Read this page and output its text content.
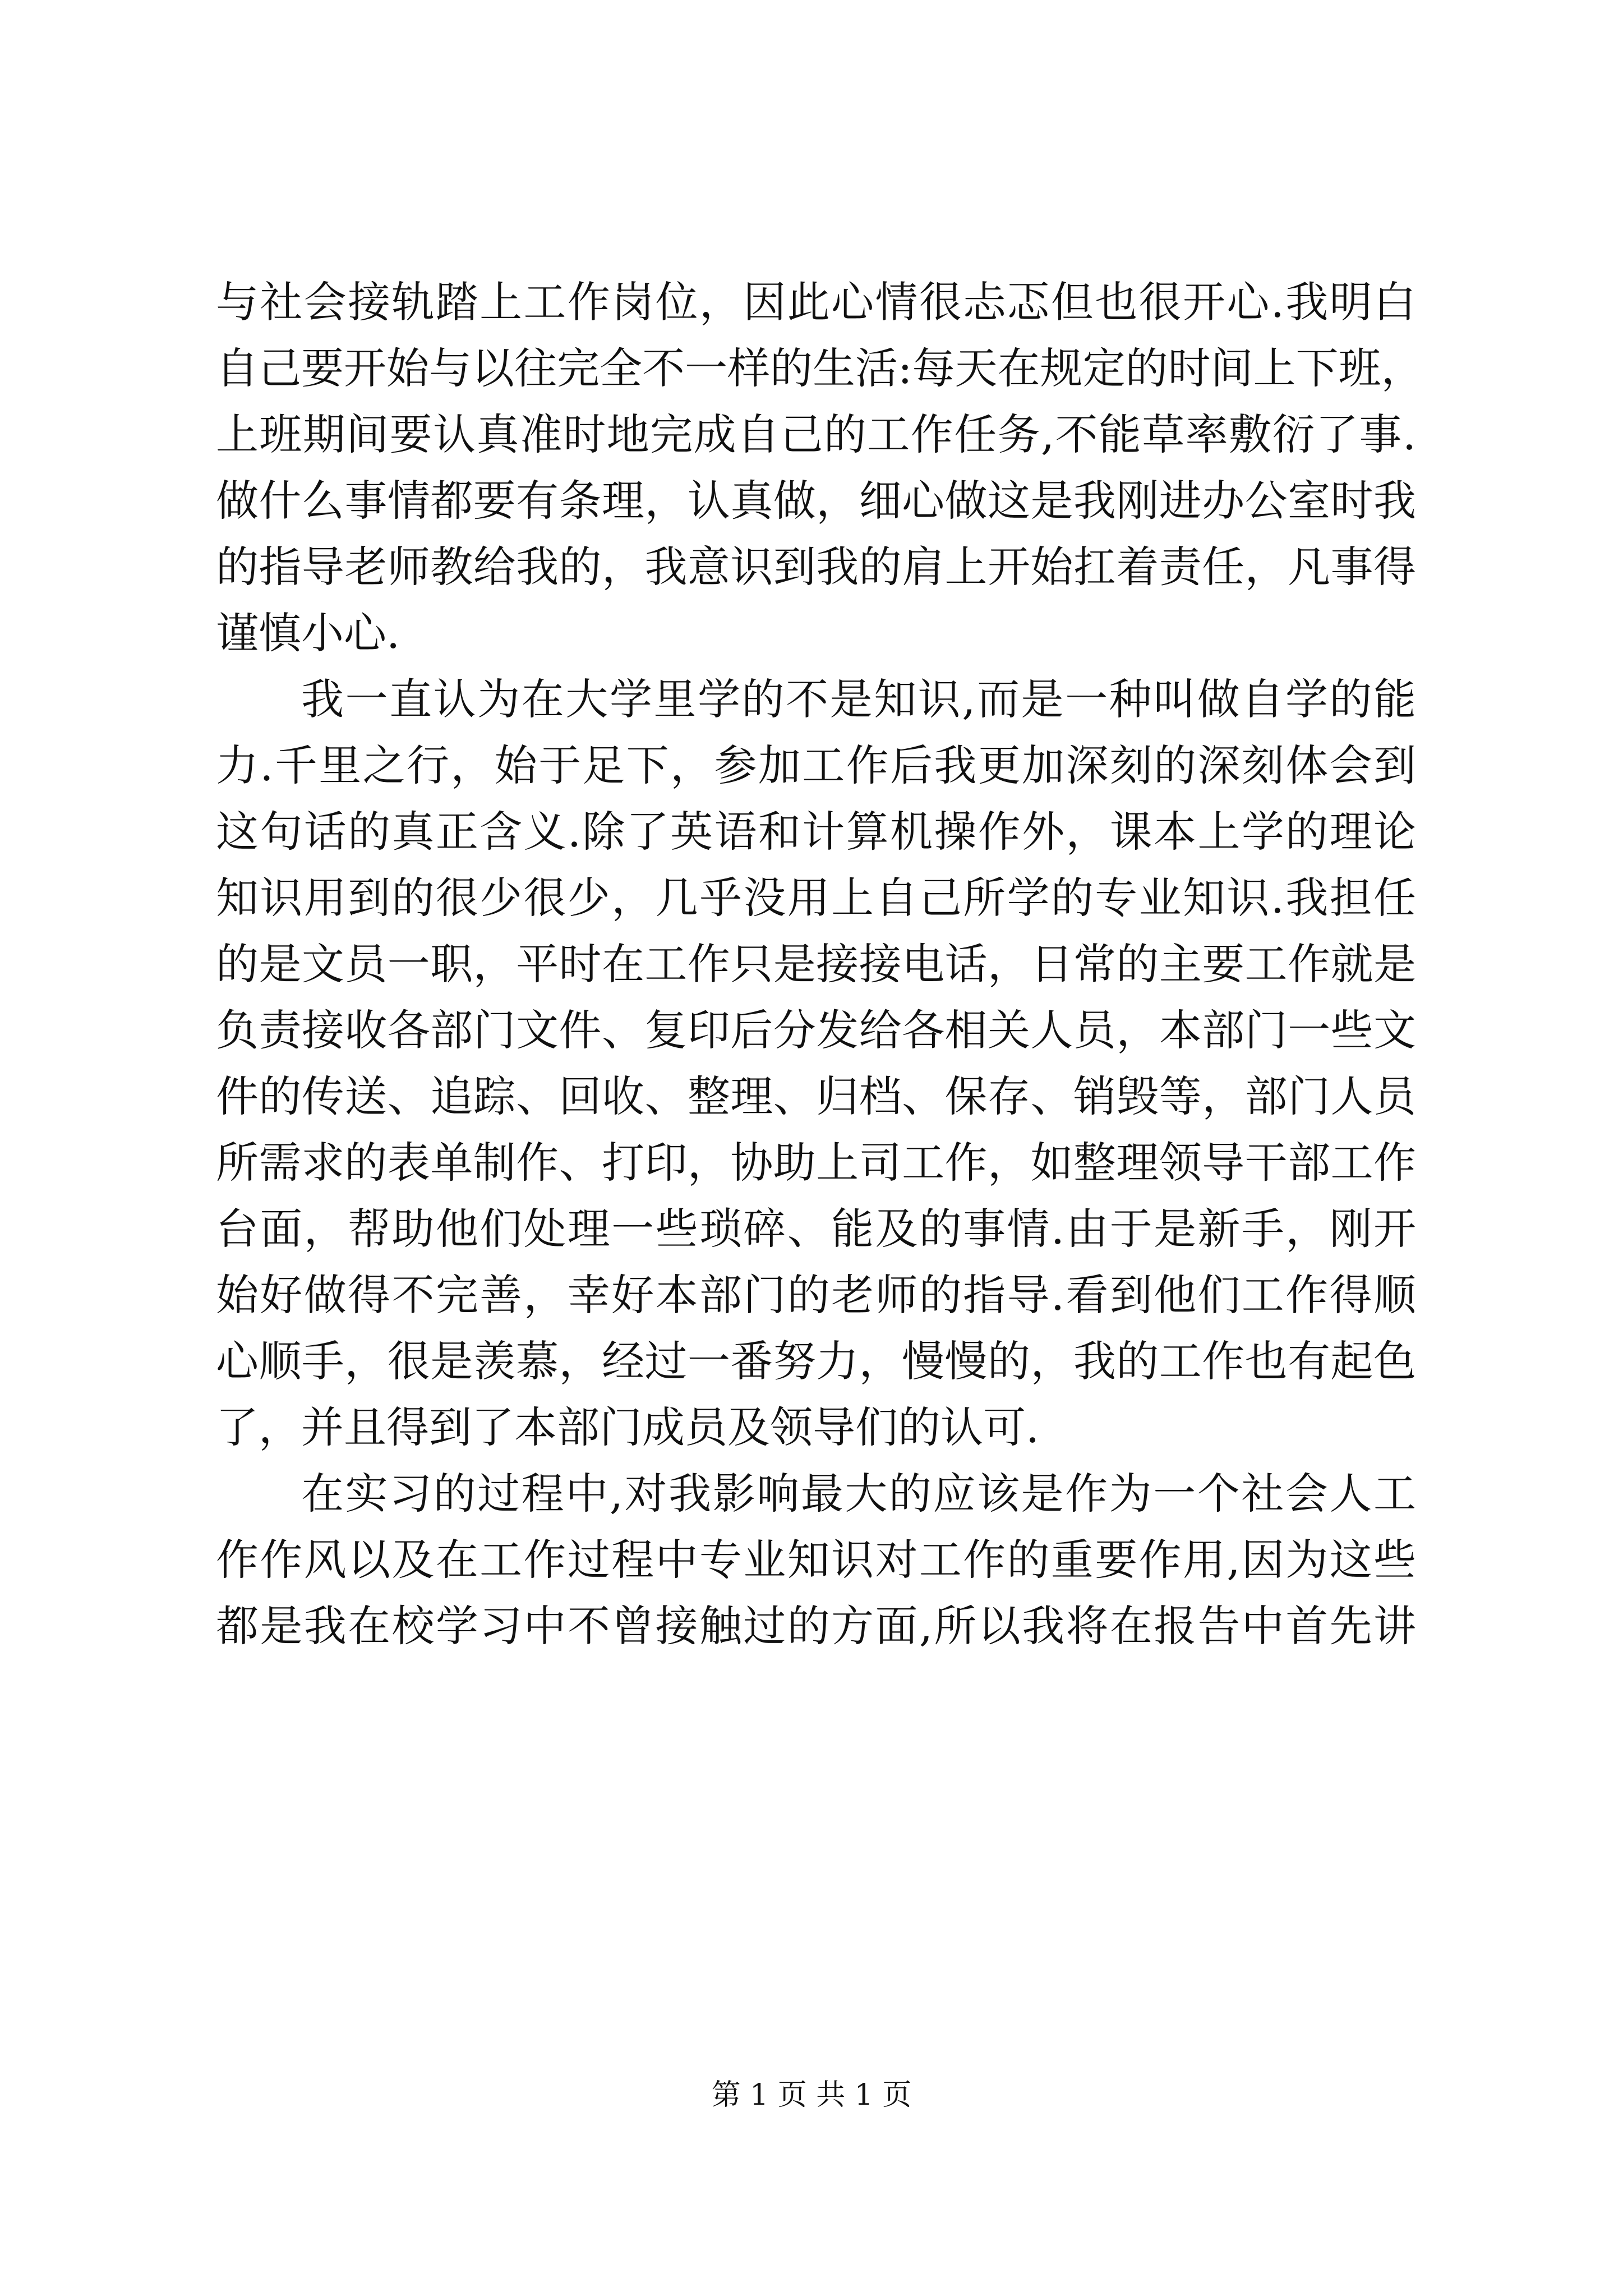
与社会接轨踏上工作岗位，因此心情很忐忑但也很开心.我明白
自己要开始与以往完全不一样的生活:每天在规定的时间上下班，
上班期间要认真准时地完成自己的工作任务,不能草率敷衍了事.
做什么事情都要有条理，认真做，细心做这是我刚进办公室时我
的指导老师教给我的，我意识到我的肩上开始扛着责任，凡事得
谨慎小心.
我一直认为在大学里学的不是知识,而是一种叫做自学的能
力.千里之行，始于足下，参加工作后我更加深刻的深刻体会到
这句话的真正含义.除了英语和计算机操作外，课本上学的理论
知识用到的很少很少，几乎没用上自己所学的专业知识.我担任
的是文员一职，平时在工作只是接接电话，日常的主要工作就是
负责接收各部门文件、复印后分发给各相关人员，本部门一些文
件的传送、追踪、回收、整理、归档、保存、销毁等，部门人员
所需求的表单制作、打印，协助上司工作，如整理领导干部工作
台面，帮助他们处理一些琐碎、能及的事情.由于是新手，刚开
始好做得不完善，幸好本部门的老师的指导.看到他们工作得顺
心顺手，很是羡慕，经过一番努力，慢慢的，我的工作也有起色
了，并且得到了本部门成员及领导们的认可.
在实习的过程中,对我影响最大的应该是作为一个社会人工
作作风以及在工作过程中专业知识对工作的重要作用,因为这些
都是我在校学习中不曾接触过的方面,所以我将在报告中首先讲
第 1 页 共 1 页
